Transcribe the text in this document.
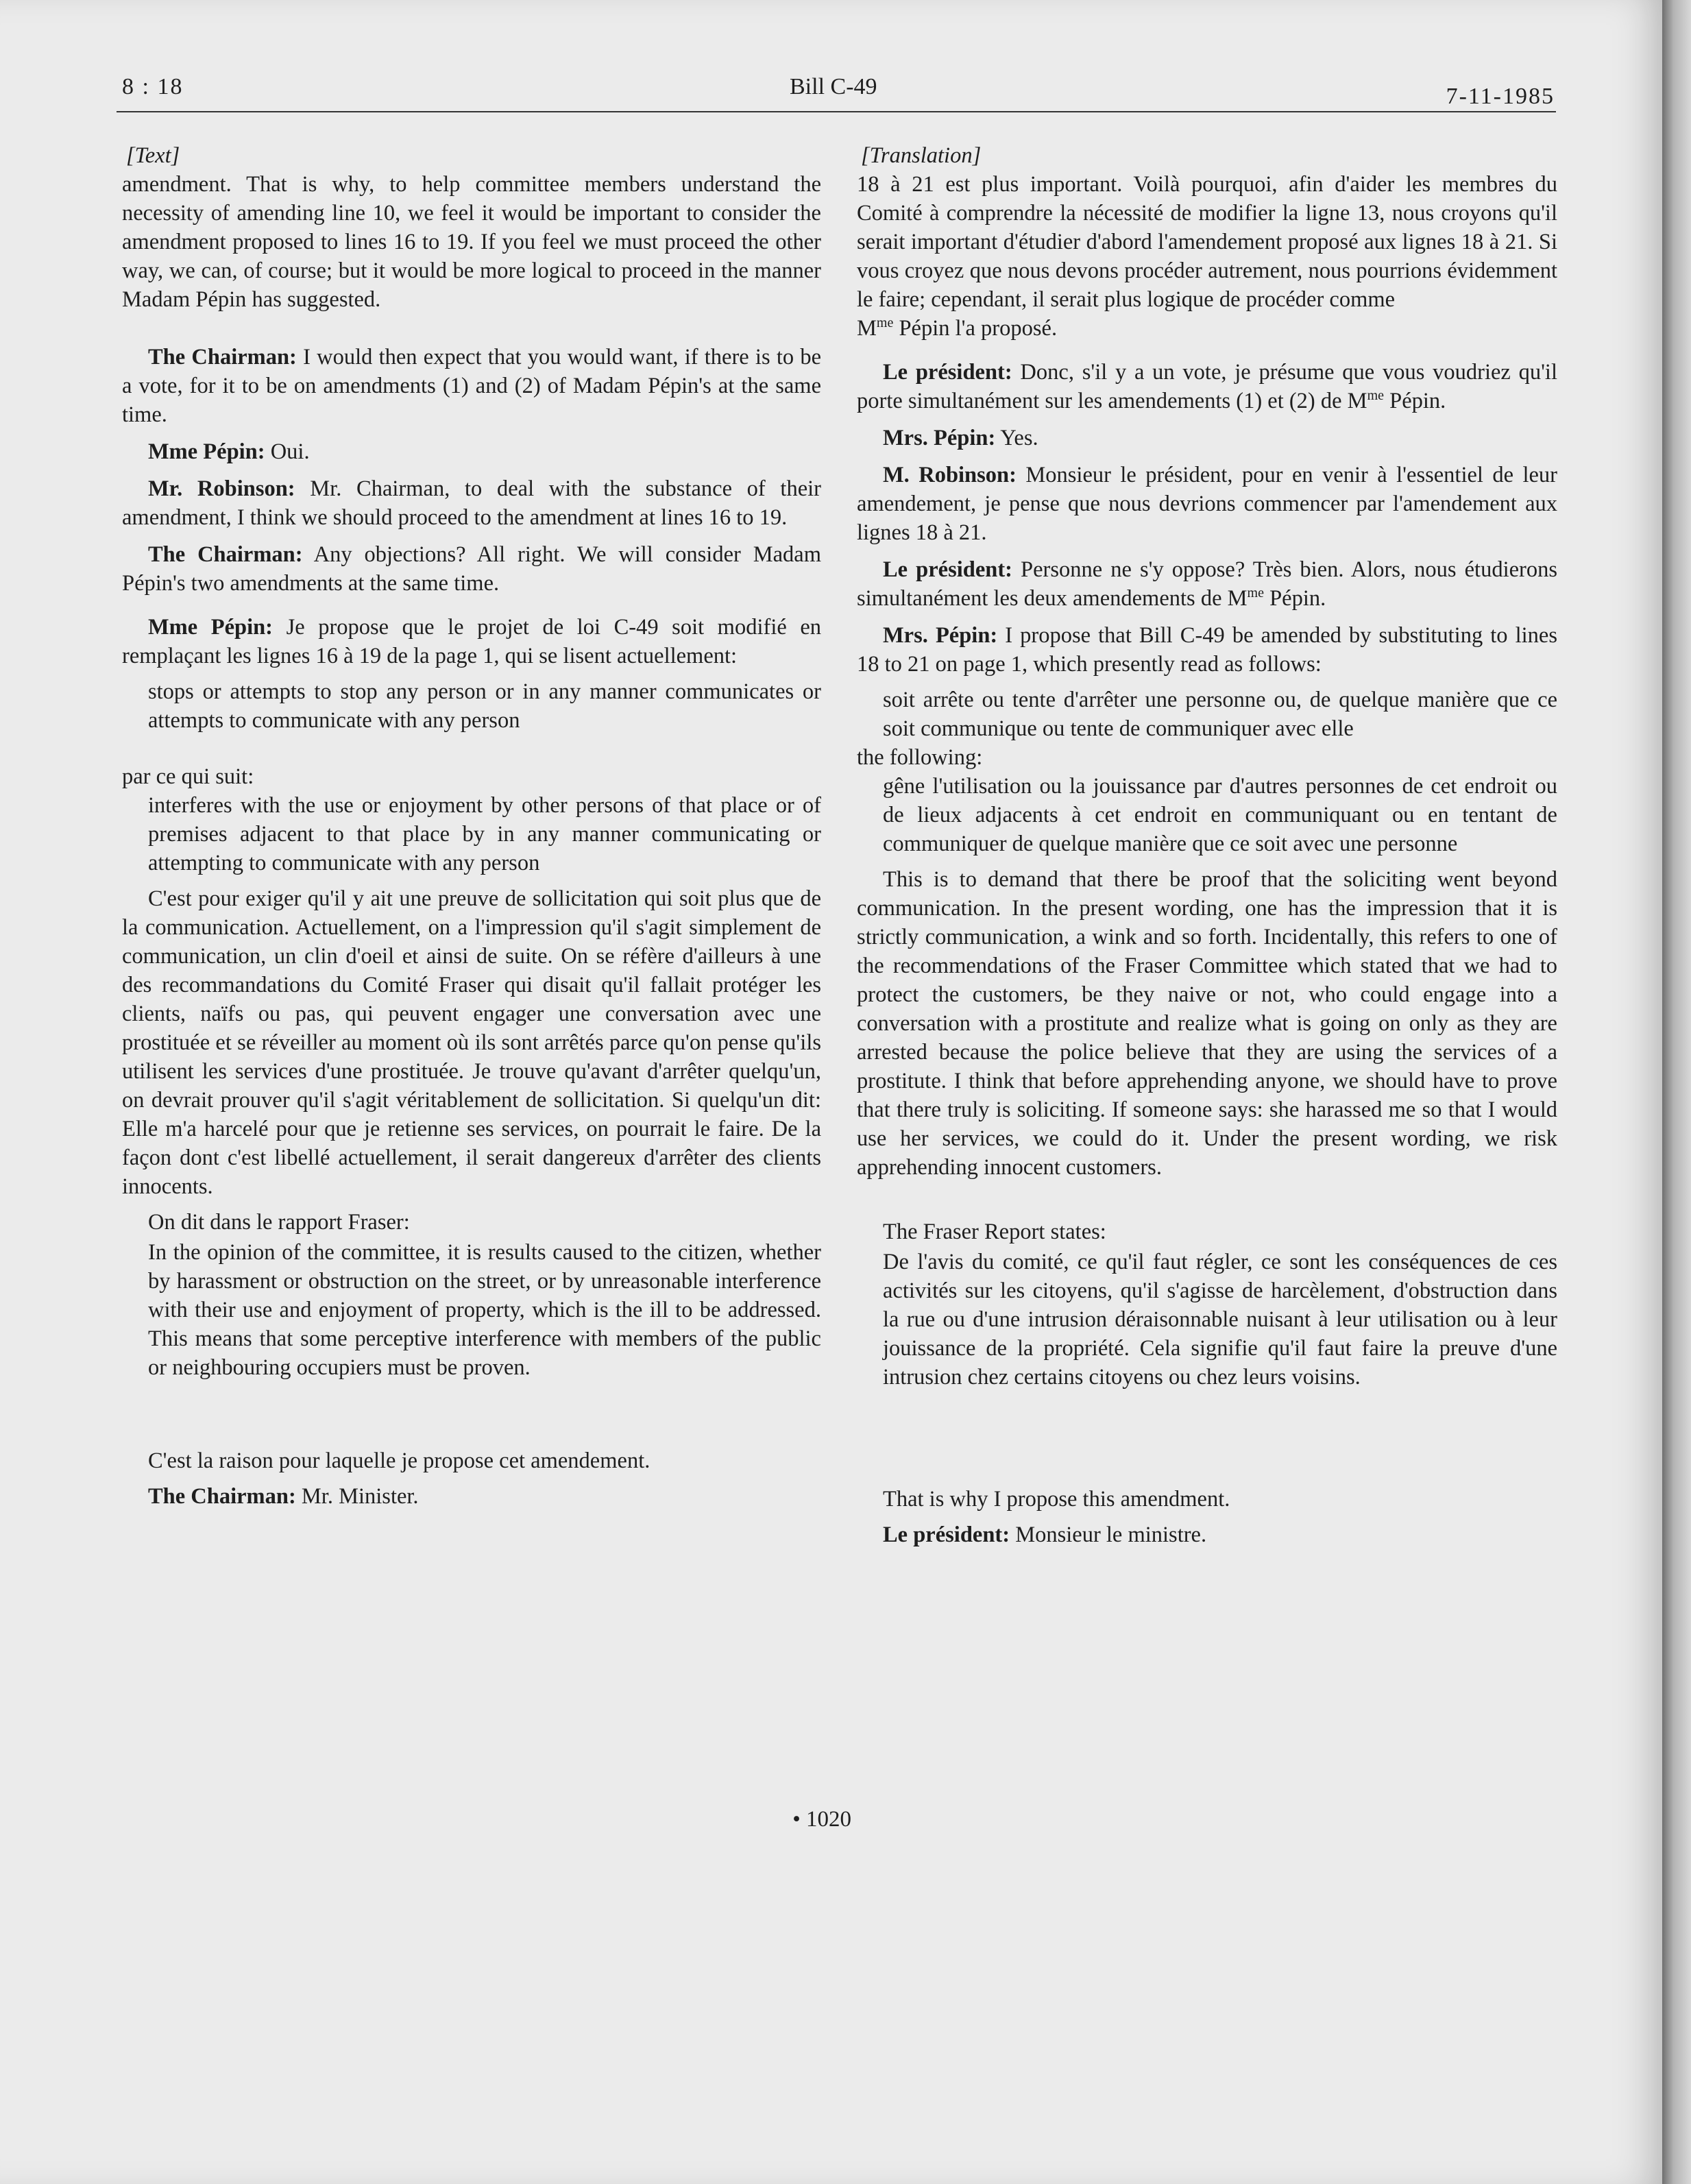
8 : 18	Bill C-49	7-11-1985

[Text]

amendment. That is why, to help committee members understand the necessity of amending line 10, we feel it would be important to consider the amendment proposed to lines 16 to 19. If you feel we must proceed the other way, we can, of course; but it would be more logical to proceed in the manner Madam Pépin has suggested.

The Chairman: I would then expect that you would want, if there is to be a vote, for it to be on amendments (1) and (2) of Madam Pépin's at the same time.

Mme Pépin: Oui.

Mr. Robinson: Mr. Chairman, to deal with the substance of their amendment, I think we should proceed to the amendment at lines 16 to 19.

The Chairman: Any objections? All right. We will consider Madam Pépin's two amendments at the same time.

Mme Pépin: Je propose que le projet de loi C-49 soit modifié en remplaçant les lignes 16 à 19 de la page 1, qui se lisent actuellement:

stops or attempts to stop any person or in any manner communicates or attempts to communicate with any person

par ce qui suit:

interferes with the use or enjoyment by other persons of that place or of premises adjacent to that place by in any manner communicating or attempting to communicate with any person

C'est pour exiger qu'il y ait une preuve de sollicitation qui soit plus que de la communication. Actuellement, on a l'impression qu'il s'agit simplement de communication, un clin d'oeil et ainsi de suite. On se réfère d'ailleurs à une des recommandations du Comité Fraser qui disait qu'il fallait protéger les clients, naïfs ou pas, qui peuvent engager une conversation avec une prostituée et se réveiller au moment où ils sont arrêtés parce qu'on pense qu'ils utilisent les services d'une prostituée. Je trouve qu'avant d'arrêter quelqu'un, on devrait prouver qu'il s'agit véritablement de sollicitation. Si quelqu'un dit: Elle m'a harcelé pour que je retienne ses services, on pourrait le faire. De la façon dont c'est libellé actuellement, il serait dangereux d'arrêter des clients innocents.

On dit dans le rapport Fraser:

In the opinion of the committee, it is results caused to the citizen, whether by harassment or obstruction on the street, or by unreasonable interference with their use and enjoyment of property, which is the ill to be addressed. This means that some perceptive interference with members of the public or neighbouring occupiers must be proven.

C'est la raison pour laquelle je propose cet amendement.

The Chairman: Mr. Minister.

• 1020

[Translation]

18 à 21 est plus important. Voilà pourquoi, afin d'aider les membres du Comité à comprendre la nécessité de modifier la ligne 13, nous croyons qu'il serait important d'étudier d'abord l'amendement proposé aux lignes 18 à 21. Si vous croyez que nous devons procéder autrement, nous pourrions évidemment le faire; cependant, il serait plus logique de procéder comme
$M^{me}$ Pépin l'a proposé.

Le président: Donc, s'il y a un vote, je présume que vous voudriez qu'il porte simultanément sur les amendements (1) et (2) de $M^{me}$ Pépin.

Mrs. Pépin: Yes.

M. Robinson: Monsieur le président, pour en venir à l'essentiel de leur amendement, je pense que nous devrions commencer par l'amendement aux lignes 18 à 21.

Le président: Personne ne s'y oppose? Très bien. Alors, nous étudierons simultanément les deux amendements de $M^{me}$ Pépin.

Mrs. Pépin: I propose that Bill C-49 be amended by substituting to lines 18 to 21 on page 1, which presently read as follows:

soit arrête ou tente d'arrêter une personne ou, de quelque manière que ce soit communique ou tente de communiquer avec elle

the following:

gêne l'utilisation ou la jouissance par d'autres personnes de cet endroit ou de lieux adjacents à cet endroit en communiquant ou en tentant de communiquer de quelque manière que ce soit avec une personne

This is to demand that there be proof that the soliciting went beyond communication. In the present wording, one has the impression that it is strictly communication, a wink and so forth. Incidentally, this refers to one of the recommendations of the Fraser Committee which stated that we had to protect the customers, be they naive or not, who could engage into a conversation with a prostitute and realize what is going on only as they are arrested because the police believe that they are using the services of a prostitute. I think that before apprehending anyone, we should have to prove that there truly is soliciting. If someone says: she harassed me so that I would use her services, we could do it. Under the present wording, we risk apprehending innocent customers.

The Fraser Report states:

De l'avis du comité, ce qu'il faut régler, ce sont les conséquences de ces activités sur les citoyens, qu'il s'agisse de harcèlement, d'obstruction dans la rue ou d'une intrusion déraisonnable nuisant à leur utilisation ou à leur jouissance de la propriété. Cela signifie qu'il faut faire la preuve d'une intrusion chez certains citoyens ou chez leurs voisins.

That is why I propose this amendment.

Le président: Monsieur le ministre.
